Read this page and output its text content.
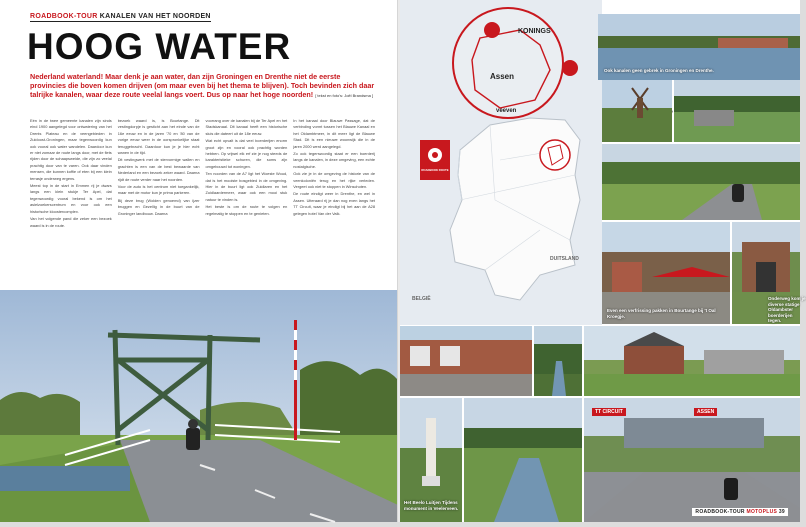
ROADBOOK-TOUR KANALEN VAN HET NOORDEN
HOOG WATER
Nederland waterland! Maar denk je aan water, dan zijn Groningen en Drenthe niet de eerste provincies die boven komen drijven (om maar even bij het thema te blijven). Toch bevinden zich daar talrijke kanalen, waar deze route veelal langs voert. Dus op naar het hoge noorden! [ tekst en foto's: Joël Brandsma ]

Eén in de twee gemeente kanalen zijn sinds eind 1900 aangelegd voor ontwatering van het Drents Plateau en de veengebieden in Zuidoost-Groningen, maar tegenwoordig kun ook vooral ook water wandelen. Daardoor kun er niet zomaar de route langs door, met de fiets rijden door de schaapsweide, die zijn zo veelal prachtig door van te varen. Ook daar vinden mensen, die kunnen koffie of eten bij een klein terrasje onderweg ergens.

Meest top in de start in Emmen rij je dwars langs een klein stukje Ter Apel, dat tegenwoordig vooral bekend is om het asielzoekerscentrum en voor ook een historische kloostercomplex.

Van het volgende pand die zeker een bezoek waard is in de route.

bezoek waard is, is Bourtange. Dit vestingdorpje is gesticht aan het einde van de 16e eeuw en in de jaren '70 en '80 van de vorige eeuw weer in de oorspronkelijke staat teruggebracht. Daardoor kun je je hier echt wanen in de tijd.

Dit vestingwerk met de stervormige wallen en grachten is een van de best bewaarde van Nederland en een bezoek zeker waard. Daarna rijdt de route verder naar het noorden.

Voor de auto is het centrum niet toegankelijk, maar met de motor kun je prima parkeren.

Bij deze brug (Wolden genoemd) van ijzer bruggen en Gezellig in de buurt van de Groninger landbouw. Daarna

voorrang over de kanalen bij de Ter Apel en het Stadskanaal. Dit kanaal heeft een historische sluis die dateert uit de 18e eeuw.

Wat echt opvalt is dat veel boerderijen enorm groot zijn en vooral ook prachtig worden hebben. Op vrijwel elk erf zie je nog steeds de karakteristieke schuren, die soms zijn omgebouwd tot woningen.

Ten noorden van de A7 ligt het Woeste Woud, dat is het mooiste bosgebied in de omgeving. Hier in de buurt ligt ook Zuidlaren en het Zuidlaardermeer, waar ook een mooi stuk natuur te vinden is.

Het beste is om de route te volgen en regelmatig te stoppen en te genieten.

In het kanaal door Blauwe Passage, dat de verbinding vormt tussen het Blauwe Kanaal en het Oldambtmeer, in dit meer ligt de Blauwe Stad. Dit is een nieuwe woonwijk die in de jaren 2000 werd aangelegd.

Zo ook tegenwoordig staat er een boerderij langs de kanalen, in deze omgeving, een echte nostalgische.

Ook zie je in de omgeving de historie van de veenkoloniën terug en het rijke verleden. Vergeet ook niet te stoppen in Winschoten.

De route eindigt weer in Drenthe, en wel in Assen. Uiteraard rij je dan nog even langs het TT Circuit, waar je eindigt bij het aan de A28 gelegen hotel Van der Valk.

KONINGS
Assen
veeven
DUITSLAND
BELGIË
ROADBOOK ROUTE
Ook kanalen geen gebrek in Groningen en Drenthe.
Even een verfrissing pakken in Bourtange bij 't Oal Kroegje.
Onderweg kom je diverse statige Oldambster boerderijen tegen.
Het Beelo Luitjen Tijdens monument in Veelerveen.
TT CIRCUIT	ASSEN
ROADBOOK-TOUR MOTOPLUS 39
